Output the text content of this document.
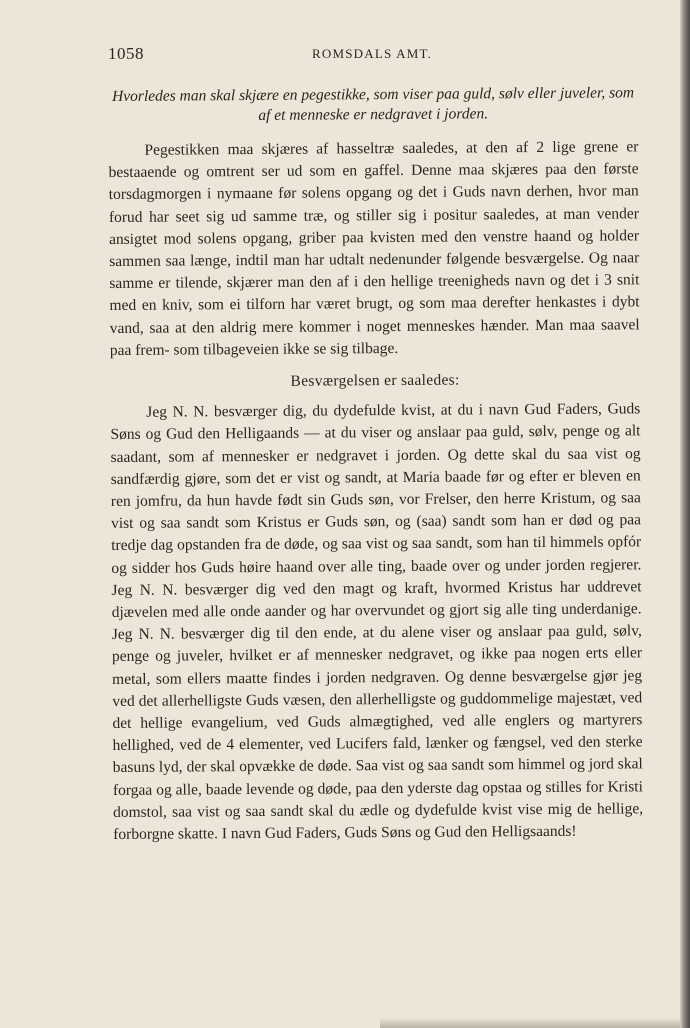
1058	ROMSDALS AMT.

Hvorledes man skal skjære en pegestikke, som viser paa guld, sølv eller juveler, som af et menneske er nedgravet i jorden.

Pegestikken maa skjæres af hasseltræ saaledes, at den af 2 lige grene er bestaaende og omtrent ser ud som en gaffel. Denne maa skjæres paa den første torsdagmorgen i nymaane før solens opgang og det i Guds navn derhen, hvor man forud har seet sig ud samme træ, og stiller sig i positur saaledes, at man vender ansigtet mod solens opgang, griber paa kvisten med den venstre haand og holder sammen saa længe, indtil man har udtalt nedenunder følgende besværgelse. Og naar samme er tilende, skjærer man den af i den hellige treenigheds navn og det i 3 snit med en kniv, som ei tilforn har været brugt, og som maa derefter henkastes i dybt vand, saa at den aldrig mere kommer i noget menneskes hænder. Man maa saavel paa frem- som tilbageveien ikke se sig tilbage.

Besværgelsen er saaledes:

Jeg N. N. besværger dig, du dydefulde kvist, at du i navn Gud Faders, Guds Søns og Gud den Helligaands — at du viser og anslaar paa guld, sølv, penge og alt saadant, som af mennesker er nedgravet i jorden. Og dette skal du saa vist og sandfærdig gjøre, som det er vist og sandt, at Maria baade før og efter er bleven en ren jomfru, da hun havde født sin Guds søn, vor Frelser, den herre Kristum, og saa vist og saa sandt som Kristus er Guds søn, og (saa) sandt som han er død og paa tredje dag opstanden fra de døde, og saa vist og saa sandt, som han til himmels opfór og sidder hos Guds høire haand over alle ting, baade over og under jorden regjerer. Jeg N. N. besværger dig ved den magt og kraft, hvormed Kristus har uddrevet djævelen med alle onde aander og har overvundet og gjort sig alle ting underdanige. Jeg N. N. besværger dig til den ende, at du alene viser og anslaar paa guld, sølv, penge og juveler, hvilket er af mennesker nedgravet, og ikke paa nogen erts eller metal, som ellers maatte findes i jorden nedgraven. Og denne besværgelse gjør jeg ved det allerhelligste Guds væsen, den allerhelligste og guddommelige majestæt, ved det hellige evangelium, ved Guds almægtighed, ved alle englers og martyrers hellighed, ved de 4 elementer, ved Lucifers fald, lænker og fængsel, ved den sterke basuns lyd, der skal opvække de døde. Saa vist og saa sandt som himmel og jord skal forgaa og alle, baade levende og døde, paa den yderste dag opstaa og stilles for Kristi domstol, saa vist og saa sandt skal du ædle og dydefulde kvist vise mig de hellige, forborgne skatte. I navn Gud Faders, Guds Søns og Gud den Helligsaands!
